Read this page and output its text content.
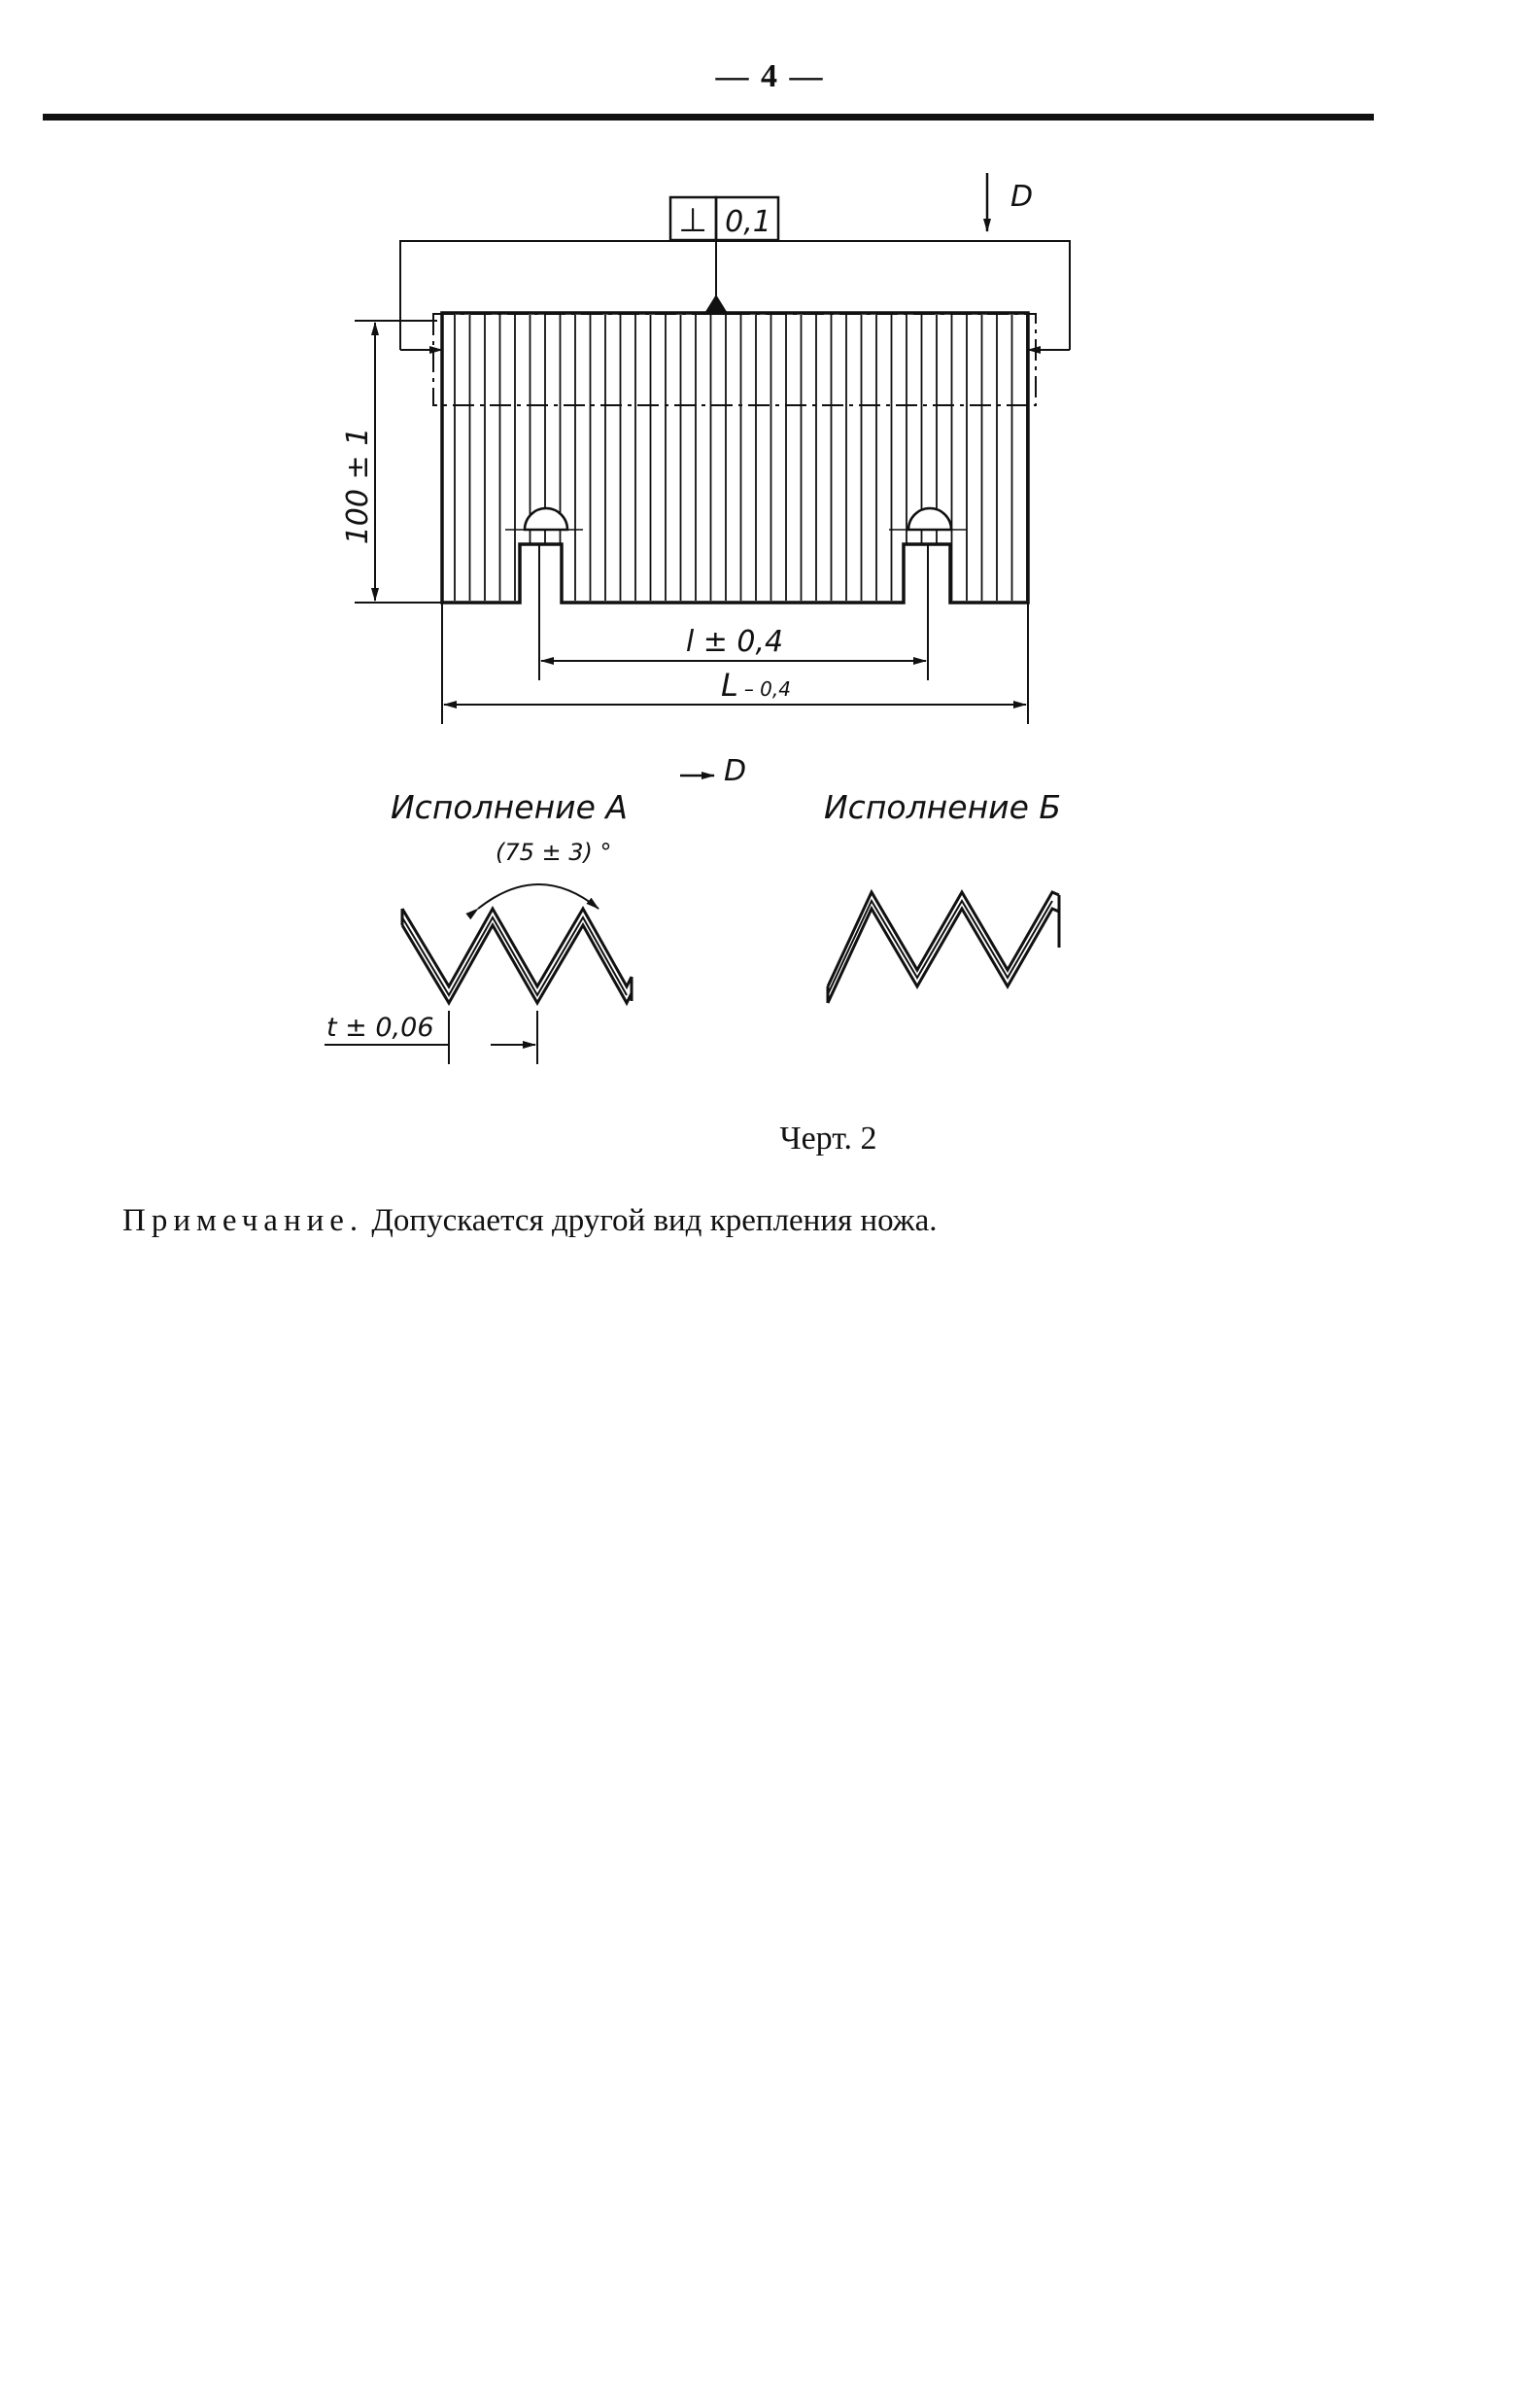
— 4 —
⊥ 0,1
D
100 ± 1
l ± 0,4
L – 0,4
D
Исполнение А
(75 ± 3) °
t ± 0,06
Исполнение Б
Черт. 2
Примечание. Допускается другой вид крепления ножа.
